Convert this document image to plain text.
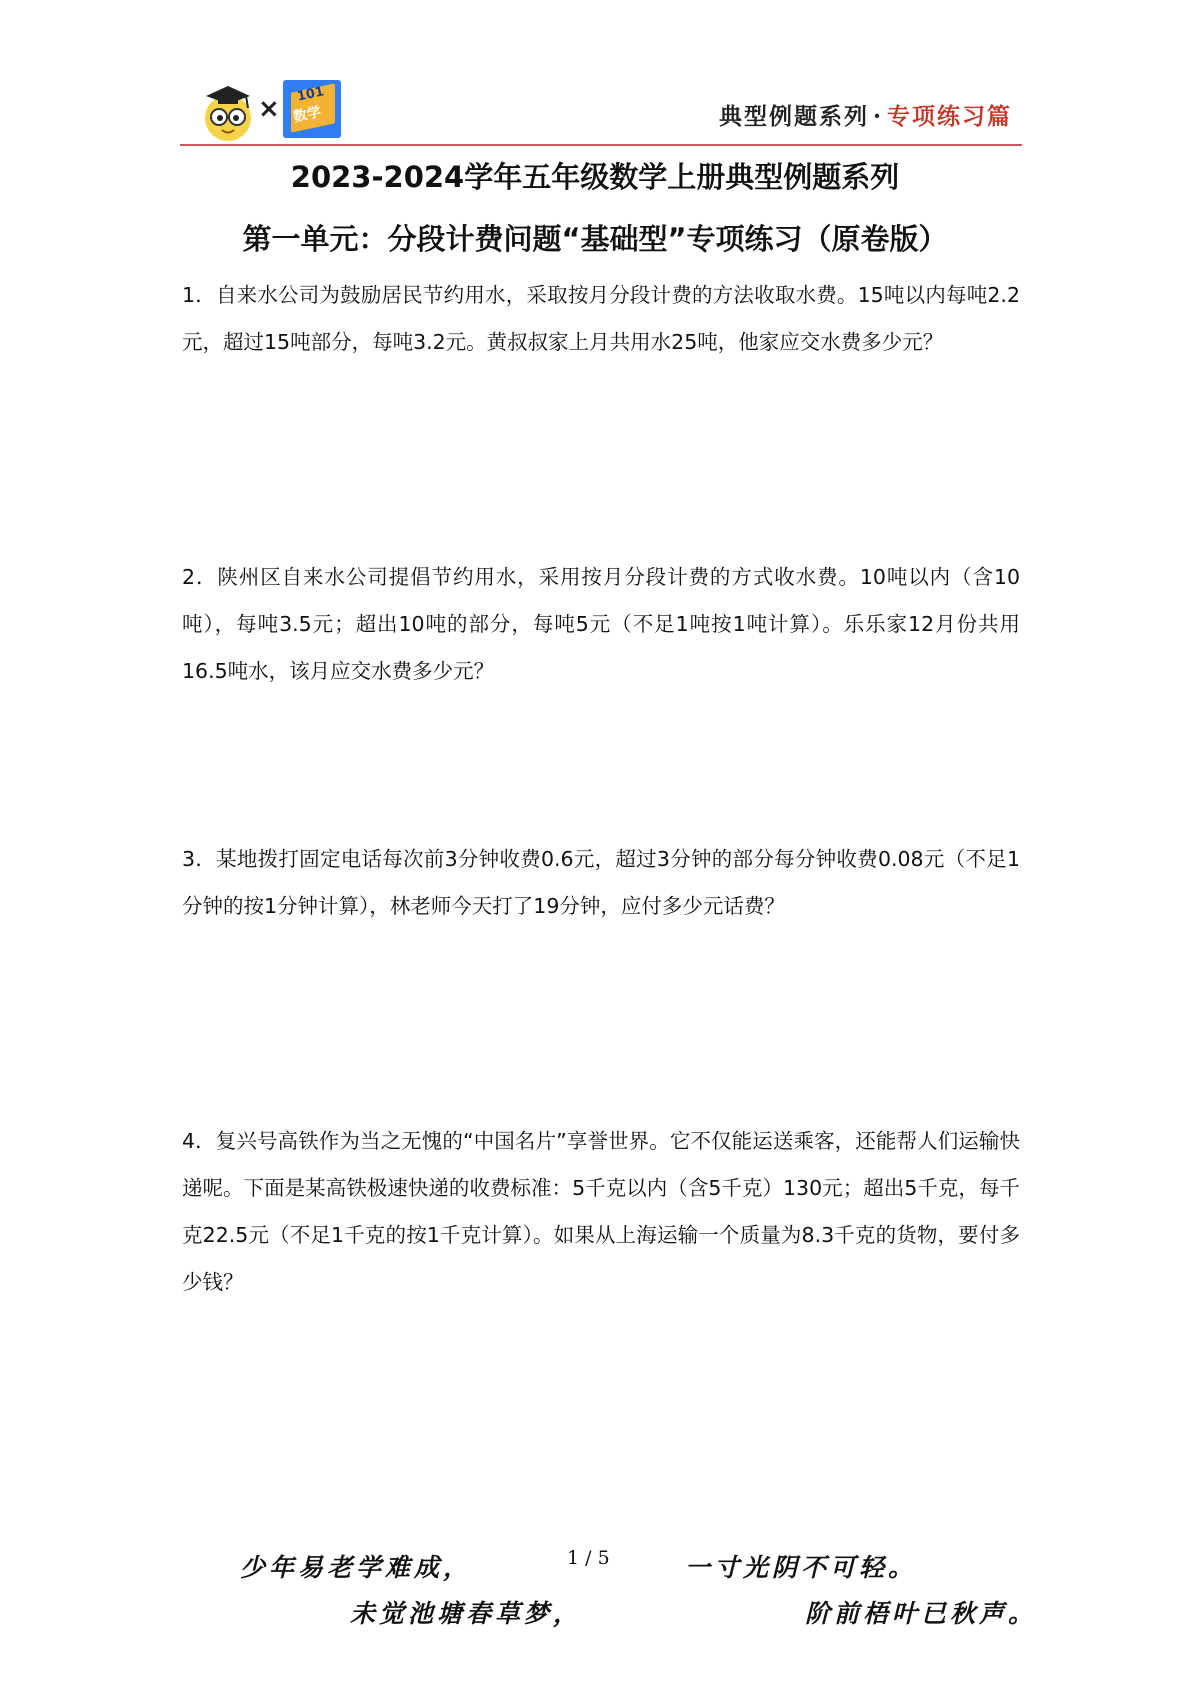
× 101
数学	典型例题系列 · 专项练习篇
2023-2024学年五年级数学上册典型例题系列
第一单元：分段计费问题“基础型”专项练习（原卷版）
1．自来水公司为鼓励居民节约用水，采取按月分段计费的方法收取水费。15吨以内每吨2.2元，超过15吨部分，每吨3.2元。黄叔叔家上月共用水25吨，他家应交水费多少元？
2．陕州区自来水公司提倡节约用水，采用按月分段计费的方式收水费。10吨以内（含10吨），每吨3.5元；超出10吨的部分，每吨5元（不足1吨按1吨计算）。乐乐家12月份共用16.5吨水，该月应交水费多少元？
3．某地拨打固定电话每次前3分钟收费0.6元，超过3分钟的部分每分钟收费0.08元（不足1分钟的按1分钟计算），林老师今天打了19分钟，应付多少元话费？
4．复兴号高铁作为当之无愧的“中国名片”享誉世界。它不仅能运送乘客，还能帮人们运输快递呢。下面是某高铁极速快递的收费标准：5千克以内（含5千克）130元；超出5千克，每千克22.5元（不足1千克的按1千克计算）。如果从上海运输一个质量为8.3千克的货物，要付多少钱？
少年易老学难成，	1 / 5	一寸光阴不可轻。
未觉池塘春草梦，	阶前梧叶已秋声。
